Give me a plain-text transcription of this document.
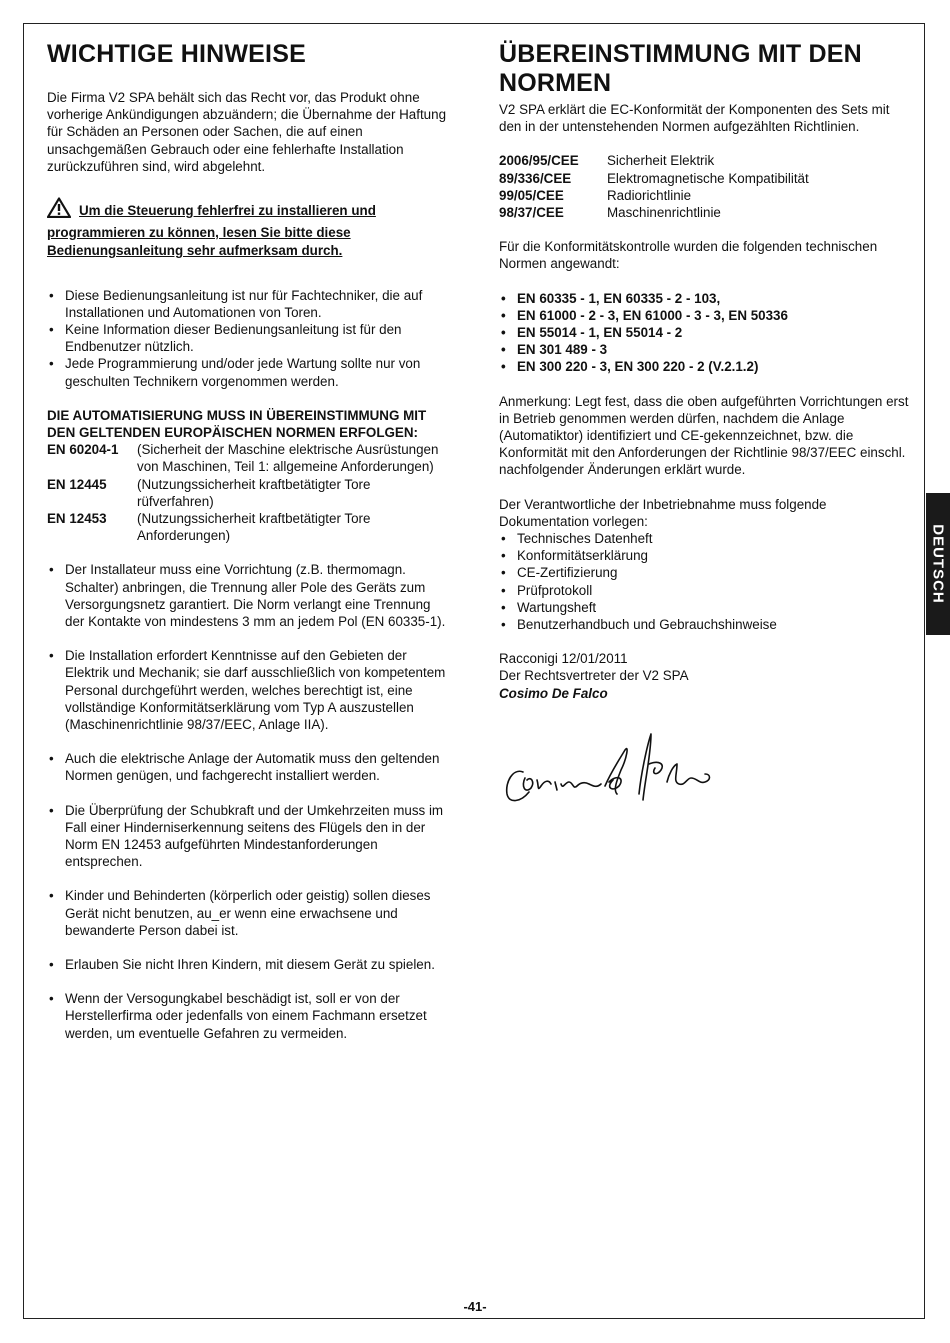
WICHTIGE HINWEISE

Die Firma V2 SPA behält sich das Recht vor, das Produkt ohne vorherige Ankündigungen abzuändern; die Übernahme der Haftung für Schäden an Personen oder Sachen, die auf einen unsachgemäßen Gebrauch oder eine fehlerhafte Installation zurückzuführen sind, wird abgelehnt.

Um die Steuerung fehlerfrei zu installieren und programmieren zu können, lesen Sie bitte diese Bedienungsanleitung sehr aufmerksam durch.
• Diese Bedienungsanleitung ist nur für Fachtechniker, die auf Installationen und Automationen von Toren.
• Keine Information dieser Bedienungsanleitung ist für den Endbenutzer nützlich.
• Jede Programmierung und/oder jede Wartung sollte nur von geschulten Technikern vorgenommen werden.

DIE AUTOMATISIERUNG MUSS IN ÜBEREINSTIMMUNG MIT DEN GELTENDEN EUROPÄISCHEN NORMEN ERFOLGEN:

EN 60204-1	(Sicherheit der Maschine elektrische Ausrüstungen von Maschinen, Teil 1: allgemeine Anforderungen)
EN 12445	(Nutzungssicherheit kraftbetätigter Tore rüfverfahren)
EN 12453	(Nutzungssicherheit kraftbetätigter Tore Anforderungen)
• Der Installateur muss eine Vorrichtung (z.B. thermomagn. Schalter) anbringen, die Trennung aller Pole des Geräts zum Versorgungsnetz garantiert. Die Norm verlangt eine Trennung der Kontakte von mindestens 3 mm an jedem Pol (EN 60335-1).
• Die Installation erfordert Kenntnisse auf den Gebieten der Elektrik und Mechanik; sie darf ausschließlich von kompetentem Personal durchgeführt werden, welches berechtigt ist, eine vollständige Konformitätserklärung vom Typ A auszustellen (Maschinenrichtlinie 98/37/EEC, Anlage IIA).
• Auch die elektrische Anlage der Automatik muss den geltenden Normen genügen, und fachgerecht installiert werden.
• Die Überprüfung der Schubkraft und der Umkehrzeiten muss im Fall einer Hinderniserkennung seitens des Flügels den in der Norm EN 12453 aufgeführten Mindestanforderungen entsprechen.
• Kinder und Behinderten (körperlich oder geistig) sollen dieses Gerät nicht benutzen, au_er wenn eine erwachsene und bewanderte Person dabei ist.
• Erlauben Sie nicht Ihren Kindern, mit diesem Gerät zu spielen.
• Wenn der Versogungkabel beschädigt ist, soll er von der Herstellerfirma oder jedenfalls von einem Fachmann ersetzet werden, um eventuelle Gefahren zu vermeiden.
ÜBEREINSTIMMUNG MIT DEN NORMEN

V2 SPA erklärt die EC-Konformität der Komponenten des Sets mit den in der untenstehenden Normen aufgezählten Richtlinien.

2006/95/CEE	Sicherheit Elektrik
89/336/CEE	Elektromagnetische Kompatibilität
99/05/CEE	Radiorichtlinie
98/37/CEE	Maschinenrichtlinie

Für die Konformitätskontrolle wurden die folgenden technischen Normen angewandt:

• EN 60335 - 1, EN 60335 - 2 - 103,
• EN 61000 - 2 - 3, EN 61000 - 3 - 3, EN 50336
• EN 55014 - 1, EN 55014 - 2
• EN 301 489 - 3
• EN 300 220 - 3, EN 300 220 - 2 (V.2.1.2)

Anmerkung: Legt fest, dass die oben aufgeführten Vorrichtungen erst in Betrieb genommen werden dürfen, nachdem die Anlage (Automatiktor) identifiziert und CE-gekennzeichnet, bzw. die Konformität mit den Anforderungen der Richtlinie 98/37/EEC einschl. nachfolgender Änderungen erklärt wurde.

Der Verantwortliche der Inbetriebnahme muss folgende Dokumentation vorlegen:

• Technisches Datenheft
• Konformitätserklärung
• CE-Zertifizierung
• Prüfprotokoll
• Wartungsheft
• Benutzerhandbuch und Gebrauchshinweise

Racconigi 12/01/2011

Der Rechtsvertreter der V2 SPA

Cosimo De Falco

DEUTSCH
-41-
